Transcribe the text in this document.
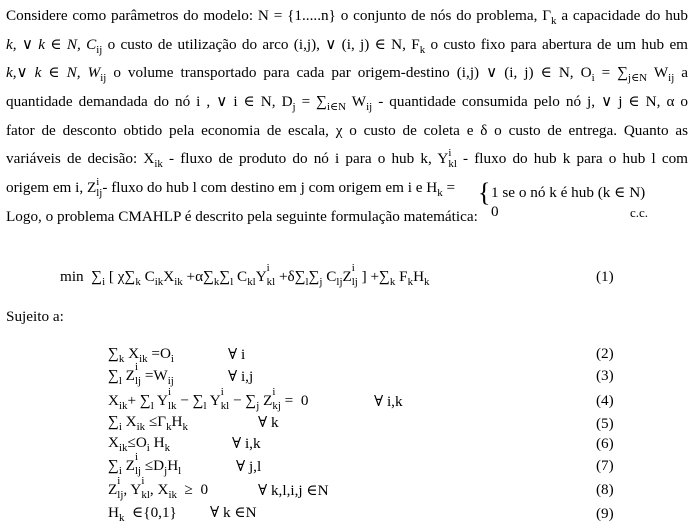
Considere como parâmetros do modelo: N = {1.....n} o conjunto de nós do problema, $\Gamma_k$ a capacidade do hub
k, ∨ k ∈ N, $C_{ij}$ o custo de utilização do arco (i,j), ∨ (i, j) ∈ N, $F_k$ o custo fixo para abertura de um hub em
k,∨ k ∈ N, $W_{ij}$ o volume transportado para cada par origem-destino (i,j) ∨ (i, j) ∈ N, $O_i = \sum_{j\in N}$ $W_{ij}$ a
quantidade demandada do nó i , ∨ i ∈ N, $D_j = \sum_{i\in N}$ $W_{ij}$ - quantidade consumida pelo nó j, ∨ j ∈ N, α o
fator de desconto obtido pela economia de escala, χ o custo de coleta e δ o custo de entrega. Quanto as
variáveis de decisão: $X_{ik}$ - fluxo de produto do nó i para o hub k, Y i
$_{kl}$ - fluxo do hub k para o hub l com
origem em i, Z i
$_{lj}$- fluxo do hub l com destino em j com origem em i e $H_k$ =
Logo, o problema CMAHLP é descrito pela seguinte formulação matemática:
{ 1 se o nó k é hub (k ∈ N)
0	c.c.
$\min \sum_i$ [ $\chi\sum_k$ $C_{ik}X_{ik} +\alpha\sum_k\sum_l$ $C_{kl}Y$
i
$_{kl} +\delta\sum_l\sum_j$ $C_{lj}Z$
i
$_{lj}$ ] $+\sum_k$ $F_kH_k$	(1)
Sujeito a:
$\sum_k$ $X_{ik} =O_i$	∀ i	(2)
$\sum_l$ Z
i
$_{lj} =W_{ij}$	∀ i,j	(3)
$X_{ik}+ \sum_l$ Y
i
$_{lk} - \sum_l$ Y
i
$_{kl} - \sum_j$ Z
i
$_{kj}$ =  0	∀ i,k	(4)
$\sum_i$ $X_{ik} \le\Gamma_kH_k$	∀ k	(5)
$X_{ik}\le O_i$ $H_k$	∀ i,k	(6)
$\sum_i$ Z
i
$_{lj} \le D_jH_l$	∀ j,l	(7)
Z
i
$_{lj}$, Y
i
$_{kl}$, $X_{ik} \ge 0$	∀ k,l,i,j ∈N	(8)
$H_k$  ∈{0,1} ∀ k ∈N	(9)
